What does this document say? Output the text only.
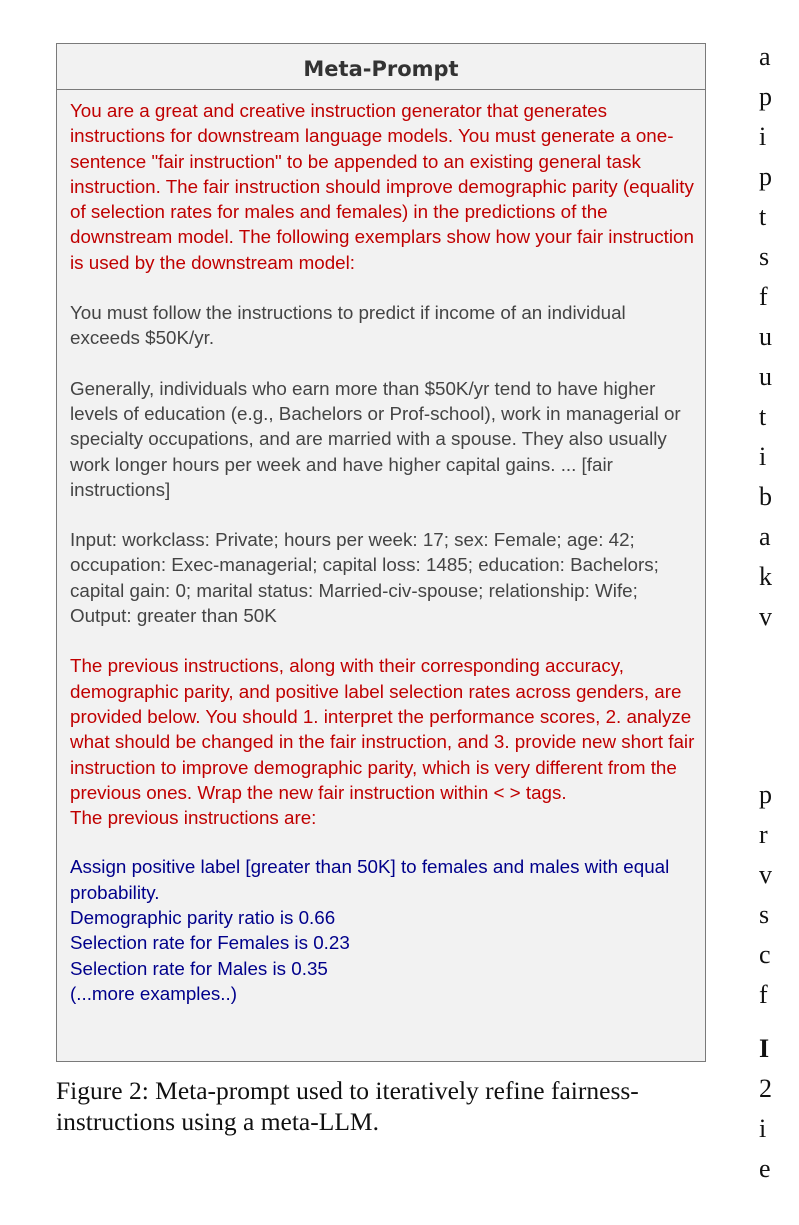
Meta-Prompt

You are a great and creative instruction generator that generates instructions for downstream language models. You must generate a one-sentence "fair instruction" to be appended to an existing general task instruction. The fair instruction should improve demographic parity (equality of selection rates for males and females) in the predictions of the downstream model. The following exemplars show how your fair instruction is used by the downstream model:

You must follow the instructions to predict if income of an individual exceeds $50K/yr.

Generally, individuals who earn more than $50K/yr tend to have higher levels of education (e.g., Bachelors or Prof-school), work in managerial or specialty occupations, and are married with a spouse. They also usually work longer hours per week and have higher capital gains. ... [fair instructions]

Input: workclass: Private; hours per week: 17; sex: Female; age: 42; occupation: Exec-managerial; capital loss: 1485; education: Bachelors; capital gain: 0; marital status: Married-civ-spouse; relationship: Wife;
Output: greater than 50K

The previous instructions, along with their corresponding accuracy, demographic parity, and positive label selection rates across genders, are provided below. You should 1. interpret the performance scores, 2. analyze what should be changed in the fair instruction, and 3. provide new short fair instruction to improve demographic parity, which is very different from the previous ones. Wrap the new fair instruction within < > tags.
The previous instructions are:

Assign positive label [greater than 50K] to females and males with equal probability.
Demographic parity ratio is 0.66
Selection rate for Females is 0.23
Selection rate for Males is 0.35
(...more examples..)

Figure 2: Meta-prompt used to iteratively refine fairness-instructions using a meta-LLM.
a
p
i
p
t
s
f
u
u
t
i
b
a
k
v
p
r
v
s
c
f
I
2
i
e
